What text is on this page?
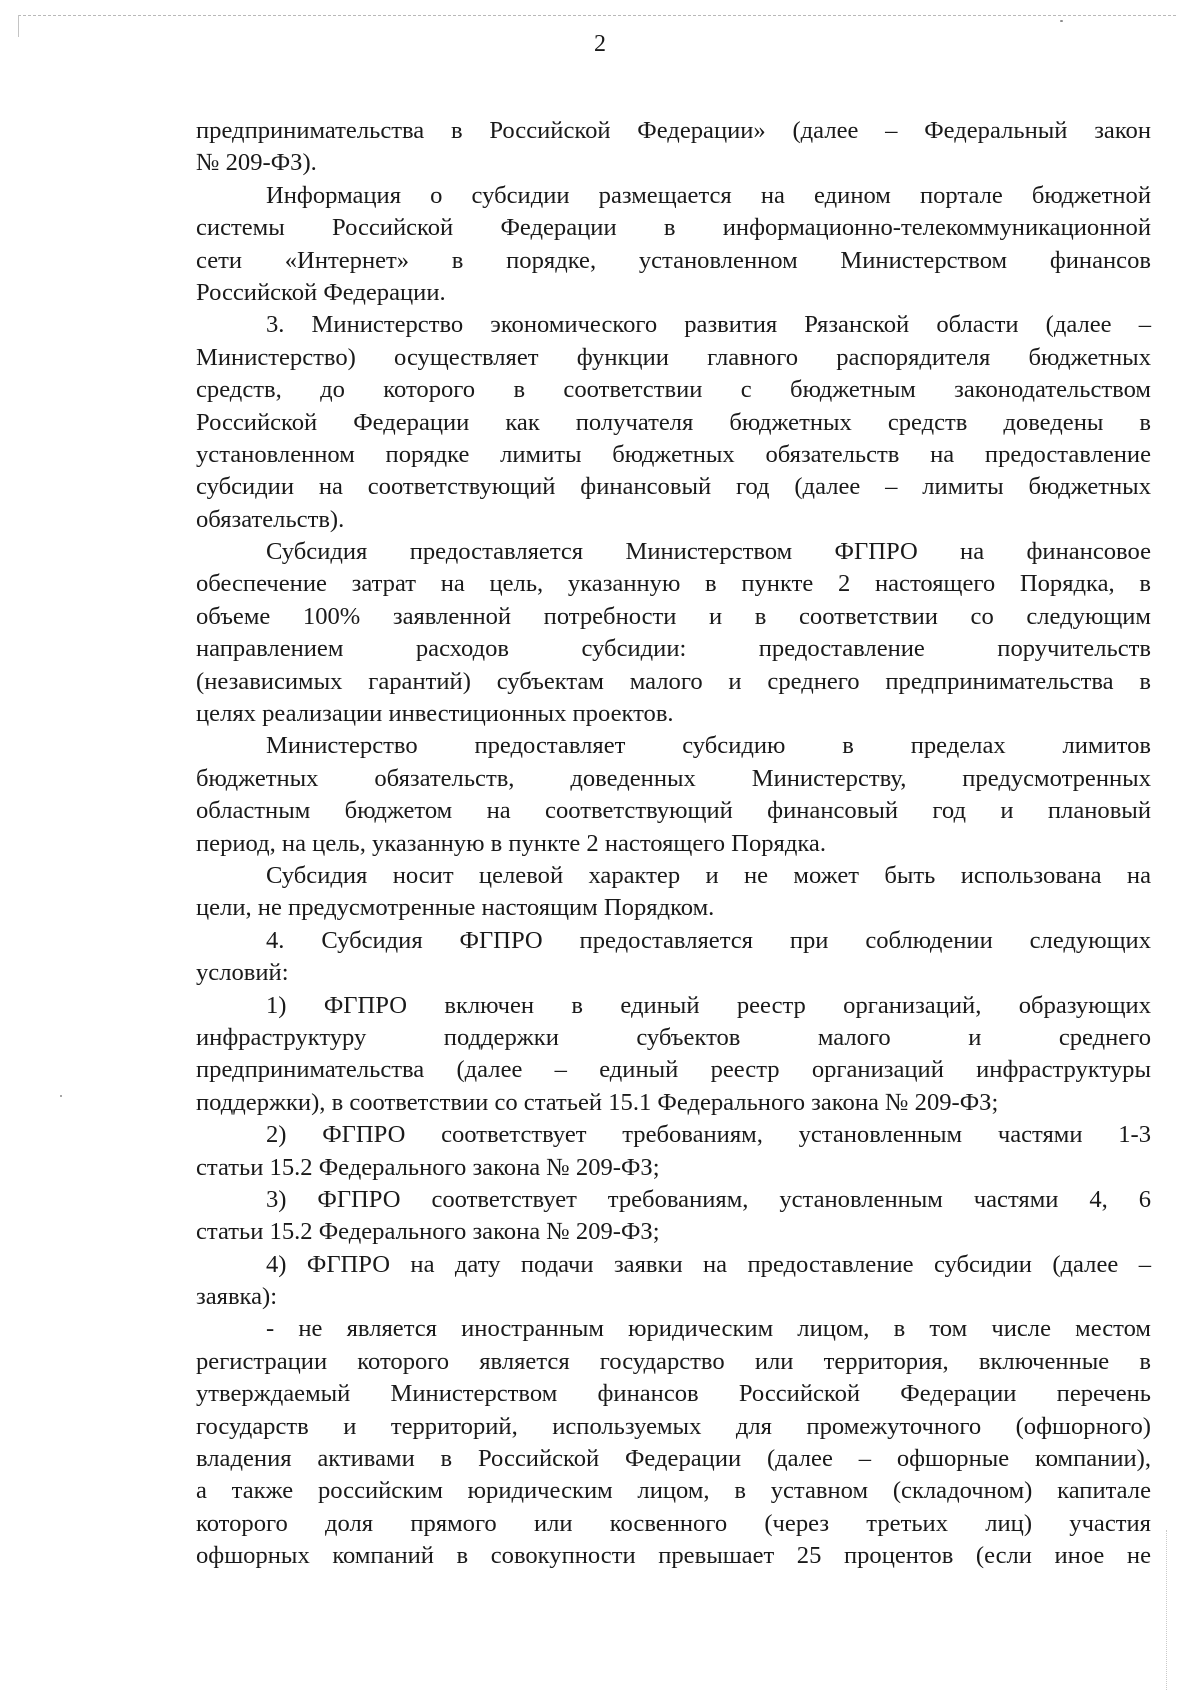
2
предпринимательства в Российской Федерации» (далее – Федеральный закон
№ 209-ФЗ).
Информация о субсидии размещается на едином портале бюджетной
системы Российской Федерации в информационно-телекоммуникационной
сети «Интернет» в порядке, установленном Министерством финансов
Российской Федерации.
3. Министерство экономического развития Рязанской области (далее –
Министерство) осуществляет функции главного распорядителя бюджетных
средств, до которого в соответствии с бюджетным законодательством
Российской Федерации как получателя бюджетных средств доведены в
установленном порядке лимиты бюджетных обязательств на предоставление
субсидии на соответствующий финансовый год (далее – лимиты бюджетных
обязательств).
Субсидия предоставляется Министерством ФГПРО на финансовое
обеспечение затрат на цель, указанную в пункте 2 настоящего Порядка, в
объеме 100% заявленной потребности и в соответствии со следующим
направлением расходов субсидии: предоставление поручительств
(независимых гарантий) субъектам малого и среднего предпринимательства в
целях реализации инвестиционных проектов.
Министерство предоставляет субсидию в пределах лимитов
бюджетных обязательств, доведенных Министерству, предусмотренных
областным бюджетом на соответствующий финансовый год и плановый
период, на цель, указанную в пункте 2 настоящего Порядка.
Субсидия носит целевой характер и не может быть использована на
цели, не предусмотренные настоящим Порядком.
4. Субсидия ФГПРО предоставляется при соблюдении следующих
условий:
1) ФГПРО включен в единый реестр организаций, образующих
инфраструктуру поддержки субъектов малого и среднего
предпринимательства (далее – единый реестр организаций инфраструктуры
поддержки), в соответствии со статьей 15.1 Федерального закона № 209-ФЗ;
2) ФГПРО соответствует требованиям, установленным частями 1-3
статьи 15.2 Федерального закона № 209-ФЗ;
3) ФГПРО соответствует требованиям, установленным частями 4, 6
статьи 15.2 Федерального закона № 209-ФЗ;
4) ФГПРО на дату подачи заявки на предоставление субсидии (далее –
заявка):
- не является иностранным юридическим лицом, в том числе местом
регистрации которого является государство или территория, включенные в
утверждаемый Министерством финансов Российской Федерации перечень
государств и территорий, используемых для промежуточного (офшорного)
владения активами в Российской Федерации (далее – офшорные компании),
а также российским юридическим лицом, в уставном (складочном) капитале
которого доля прямого или косвенного (через третьих лиц) участия
офшорных компаний в совокупности превышает 25 процентов (если иное не
